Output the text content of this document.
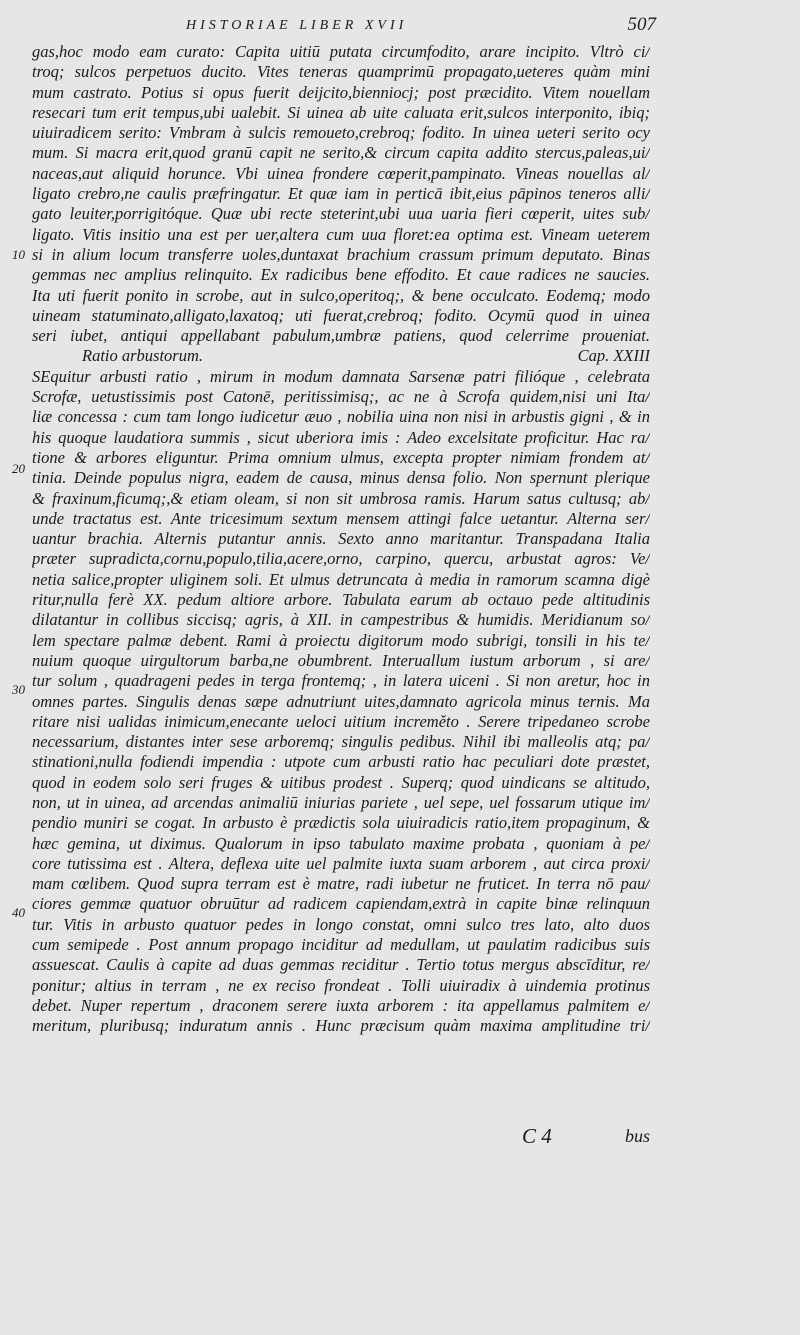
HISTORIAE LIBER XVII	507
10
20
30
40
gas,hoc modo eam curato: Capita uitiū putata circumfodito, arare incipito. Vltrò ci/
troq; sulcos perpetuos ducito. Vites teneras quamprimū propagato,ueteres quàm mini
mum castrato. Potius si opus fuerit deijcito,bienniocj; post præcidito. Vitem nouellam
resecari tum erit tempus,ubi ualebit. Si uinea ab uite caluata erit,sulcos interponito, ibiq;
uiuiradicem serito: Vmbram à sulcis remoueto,crebroq; fodito. In uinea ueteri serito ocy
mum. Si macra erit,quod granū capit ne serito,& circum capita addito stercus,paleas,ui/
naceas,aut aliquid horunce. Vbi uinea frondere cœperit,pampinato. Vineas nouellas al/
ligato crebro,ne caulis præfringatur. Et quæ iam in perticā ibit,eius pāpinos teneros alli/
gato leuiter,porrigitóque. Quæ ubi recte steterint,ubi uua uaria fieri cœperit, uites sub/
ligato. Vitis insitio una est per uer,altera cum uua floret:ea optima est. Vineam ueterem
si in alium locum transferre uoles,duntaxat brachium crassum primum deputato. Binas
gemmas nec amplius relinquito. Ex radicibus bene effodito. Et caue radices ne saucies.
Ita uti fuerit ponito in scrobe, aut in sulco,operitoq;, & bene occulcato. Eodemq; modo
uineam statuminato,alligato,laxatoq; uti fuerat,crebroq; fodito. Ocymū quod in uinea
seri iubet, antiqui appellabant pabulum,umbræ patiens, quod celerrime proueniat.
Ratio arbustorum.	Cap. XXIII
SEquitur arbusti ratio , mirum in modum damnata Sarsenæ patri filióque , celebrata
Scrofæ, uetustissimis post Catonē, peritissimisq;, ac ne à Scrofa quidem,nisi uni Ita/
liæ concessa : cum tam longo iudicetur æuo , nobilia uina non nisi in arbustis gigni , & in
his quoque laudatiora summis , sicut uberiora imis : Adeo excelsitate proficitur. Hac ra/
tione & arbores eliguntur. Prima omnium ulmus, excepta propter nimiam frondem at/
tinia. Deinde populus nigra, eadem de causa, minus densa folio. Non spernunt plerique
& fraxinum,ficumq;,& etiam oleam, si non sit umbrosa ramis. Harum satus cultusq; ab/
unde tractatus est. Ante tricesimum sextum mensem attingi falce uetantur. Alterna ser/
uantur brachia. Alternis putantur annis. Sexto anno maritantur. Transpadana Italia
præter supradicta,cornu,populo,tilia,acere,orno, carpino, quercu, arbustat agros: Ve/
netia salice,propter uliginem soli. Et ulmus detruncata à media in ramorum scamna digè
ritur,nulla ferè XX. pedum altiore arbore. Tabulata earum ab octauo pede altitudinis
dilatantur in collibus siccisq; agris, à XII. in campestribus & humidis. Meridianum so/
lem spectare palmæ debent. Rami à proiectu digitorum modo subrigi, tonsili in his te/
nuium quoque uirgultorum barba,ne obumbrent. Interuallum iustum arborum , si are/
tur solum , quadrageni pedes in terga frontemq; , in latera uiceni . Si non aretur, hoc in
omnes partes. Singulis denas sæpe adnutriunt uites,damnato agricola minus ternis. Ma
ritare nisi ualidas inimicum,enecante ueloci uitium increměto . Serere tripedaneo scrobe
necessarium, distantes inter sese arboremq; singulis pedibus. Nihil ibi malleolis atq; pa/
stinationi,nulla fodiendi impendia : utpote cum arbusti ratio hac peculiari dote præstet,
quod in eodem solo seri fruges & uitibus prodest . Superq; quod uindicans se altitudo,
non, ut in uinea, ad arcendas animaliū iniurias pariete , uel sepe, uel fossarum utique im/
pendio muniri se cogat. In arbusto è prædictis sola uiuiradicis ratio,item propaginum, &
hæc gemina, ut diximus. Qualorum in ipso tabulato maxime probata , quoniam à pe/
core tutissima est . Altera, deflexa uite uel palmite iuxta suam arborem , aut circa proxi/
mam cœlibem. Quod supra terram est è matre, radi iubetur ne fruticet. In terra nō pau/
ciores gemmæ quatuor obruūtur ad radicem capiendam,extrà in capite binæ relinquun
tur. Vitis in arbusto quatuor pedes in longo constat, omni sulco tres lato, alto duos
cum semipede . Post annum propago inciditur ad medullam, ut paulatim radicibus suis
assuescat. Caulis à capite ad duas gemmas reciditur . Tertio totus mergus abscīditur, re/
ponitur; altius in terram , ne ex reciso frondeat . Tolli uiuiradix à uindemia protinus
debet. Nuper repertum , draconem serere iuxta arborem : ita appellamus palmitem e/
meritum, pluribusq; induratum annis . Hunc præcisum quàm maxima amplitudine tri/
C 4	bus
